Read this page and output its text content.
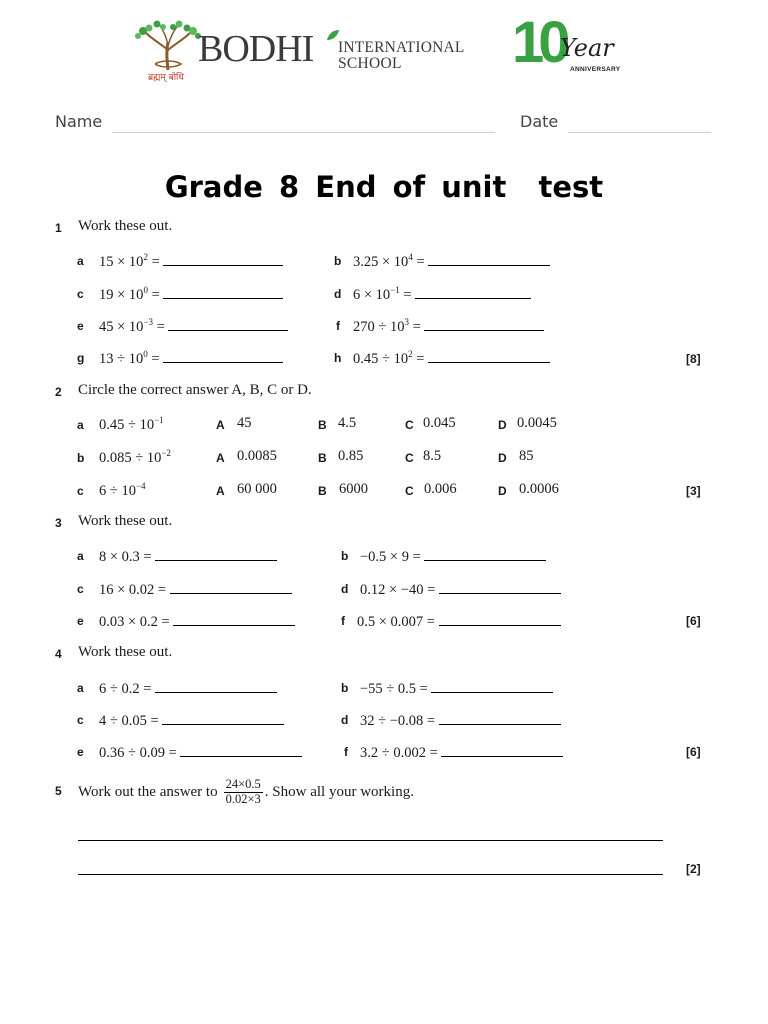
BODHI INTERNATIONAL
SCHOOL
ब्रह्मम् बोधि
10
Year
ANNIVERSARY
Name	Date
Grade 8 End of unit  test
1 Work these out.
a $15 \times 10^2$ =	b $3.25 \times 10^4$ =
c $19 \times 10^0$ =	d $6 \times 10^{-1}$ =
e $45 \times 10^{-3}$ =	f $270 \div 10^3$ =
g $13 \div 10^0$ =	h $0.45 \div 10^2$ =	[8]
2 Circle the correct answer A, B, C or D.
a $0.45 \div 10^{-1}$	A 45	B 4.5	C 0.045	D 0.0045
b $0.085 \div 10^{-2}$	A 0.0085	B 0.85	C 8.5	D 85
c $6 \div 10^{-4}$	A 60 000	B 6000	C 0.006	D 0.0006	[3]
3 Work these out.
a 8 × 0.3 =	b −0.5 × 9 =
c 16 × 0.02 =	d 0.12 × −40 =
e 0.03 × 0.2 =	f 0.5 × 0.007 =	[6]
4 Work these out.
a 6 ÷ 0.2 =	b −55 ÷ 0.5 =
c 4 ÷ 0.05 =	d 32 ÷ −0.08 =
e 0.36 ÷ 0.09 =	f 3.2 ÷ 0.002 =	[6]
5 Work out the answer to $\frac{24\times 0.5}{0.02\times 3}$ . Show all your working.
[2]
